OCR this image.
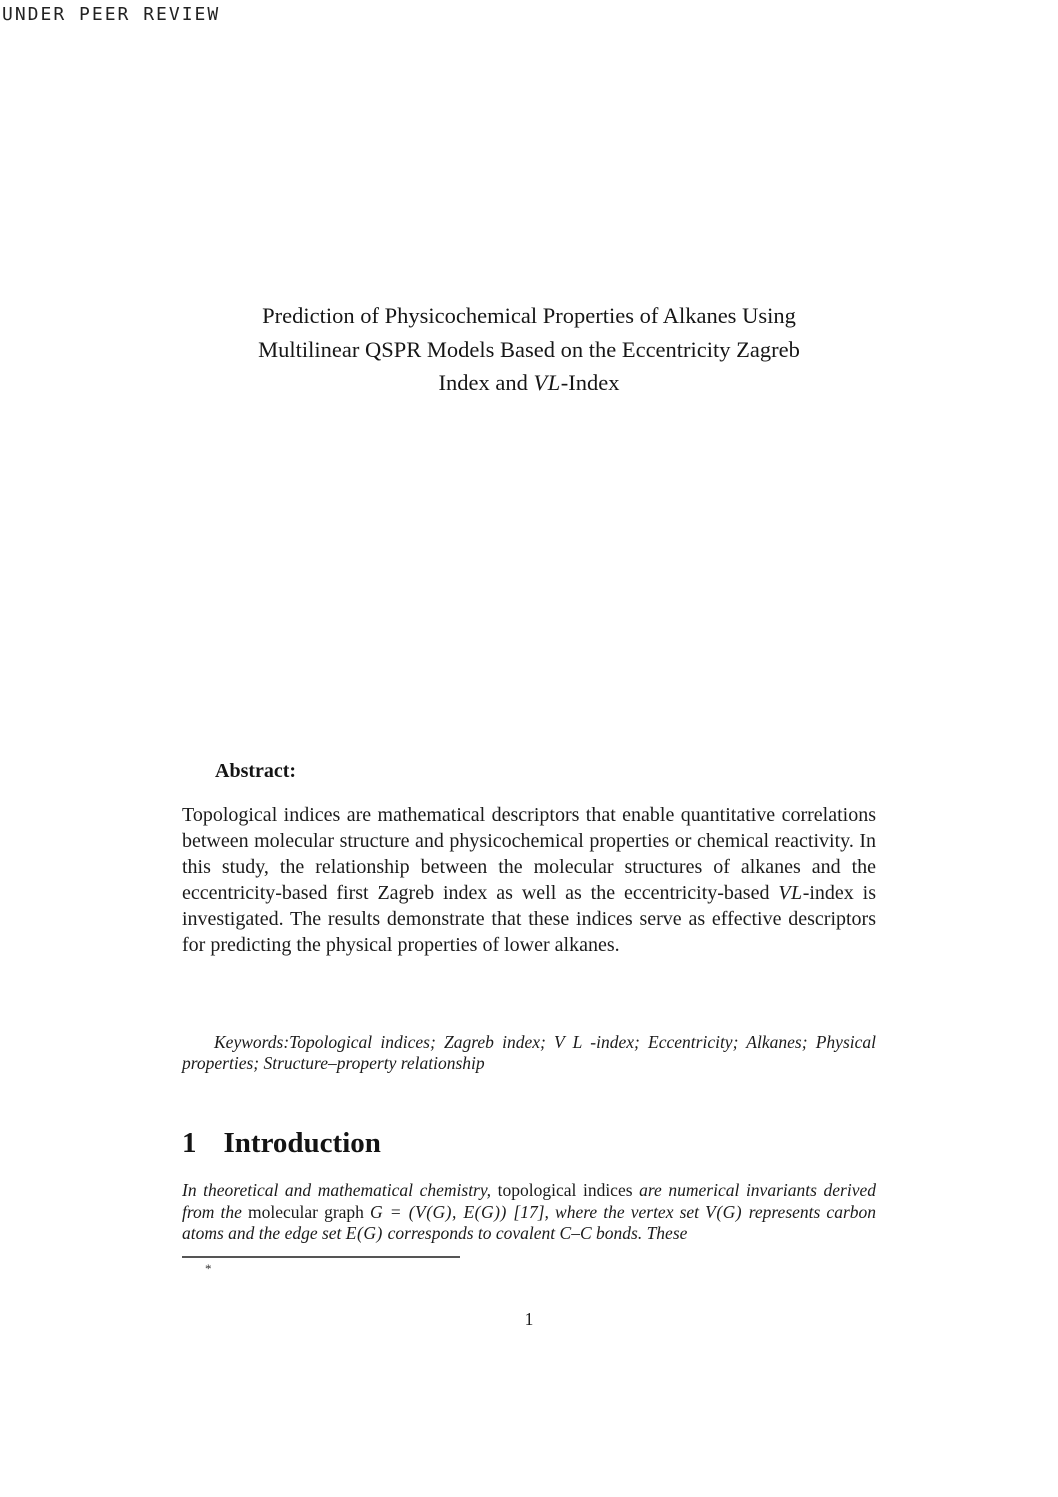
UNDER PEER REVIEW
Prediction of Physicochemical Properties of Alkanes Using
Multilinear QSPR Models Based on the Eccentricity Zagreb
Index and VL-Index
Abstract:

Topological indices are mathematical descriptors that enable quantitative correlations between molecular structure and physicochemical properties or chemical reactivity. In this study, the relationship between the molecular structures of alkanes and the eccentricity-based first Zagreb index as well as the eccentricity-based VL-index is investigated. The results demonstrate that these indices serve as effective descriptors for predicting the physical properties of lower alkanes.

Keywords:Topological indices; Zagreb index; V L -index; Eccentricity; Alkanes; Physical properties; Structure–property relationship

1 Introduction

In theoretical and mathematical chemistry, topological indices are numerical invariants derived from the molecular graph G = (V(G), E(G)) [17], where the vertex set V(G) represents carbon atoms and the edge set E(G) corresponds to covalent C–C bonds. These

*
1
